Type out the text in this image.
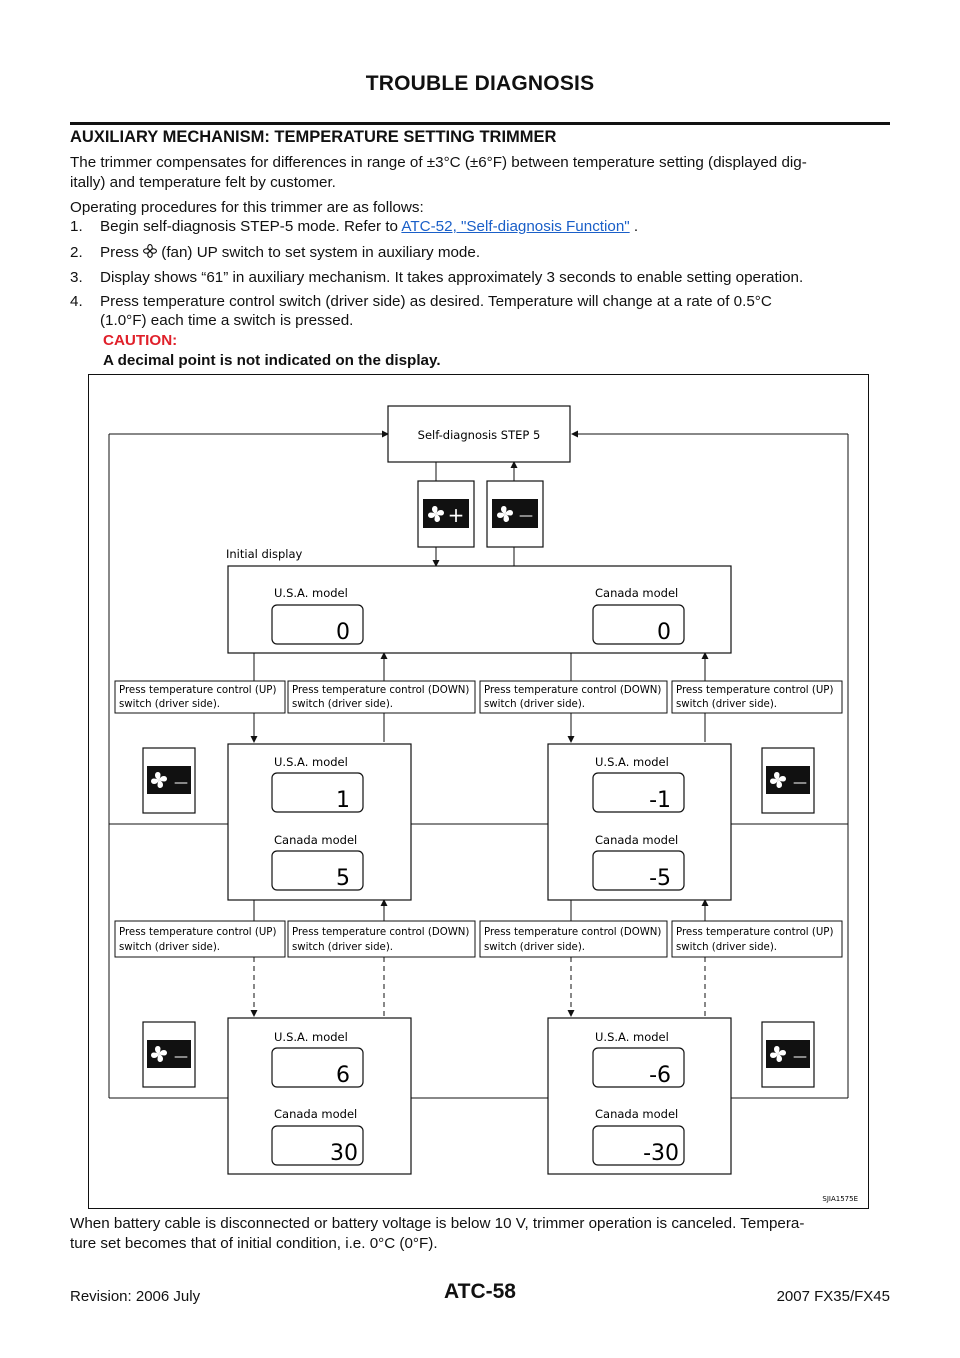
TROUBLE DIAGNOSIS
AUXILIARY MECHANISM: TEMPERATURE SETTING TRIMMER
The trimmer compensates for differences in range of ±3°C (±6°F) between temperature setting (displayed dig-
itally) and temperature felt by customer.
Operating procedures for this trimmer are as follows:
1. Begin self-diagnosis STEP-5 mode. Refer to ATC-52, "Self-diagnosis Function" .
2. Press  (fan) UP switch to set system in auxiliary mode.
3. Display shows “61” in auxiliary mechanism. It takes approximately 3 seconds to enable setting operation.
4. Press temperature control switch (driver side) as desired. Temperature will change at a rate of 0.5°C
(1.0°F) each time a switch is pressed.
CAUTION:
A decimal point is not indicated on the display.
Self-diagnosis STEP 5
+	—
Initial display
U.S.A. model
0
Canada model
0
Press temperature control (UP)
switch (driver side).
Press temperature control (DOWN)
switch (driver side).
Press temperature control (DOWN)
switch (driver side).
Press temperature control (UP)
switch (driver side).
—	—
U.S.A. model
1
Canada model
5
U.S.A. model
-1
Canada model
-5
Press temperature control (UP)
switch (driver side).
Press temperature control (DOWN)
switch (driver side).
Press temperature control (DOWN)
switch (driver side).
Press temperature control (UP)
switch (driver side).
—	—
U.S.A. model
6
Canada model
30
U.S.A. model
-6
Canada model
-30
SJIA1575E
When battery cable is disconnected or battery voltage is below 10 V, trimmer operation is canceled. Tempera-
ture set becomes that of initial condition, i.e. 0°C (0°F).
ATC-58
Revision: 2006 July	2007 FX35/FX45
